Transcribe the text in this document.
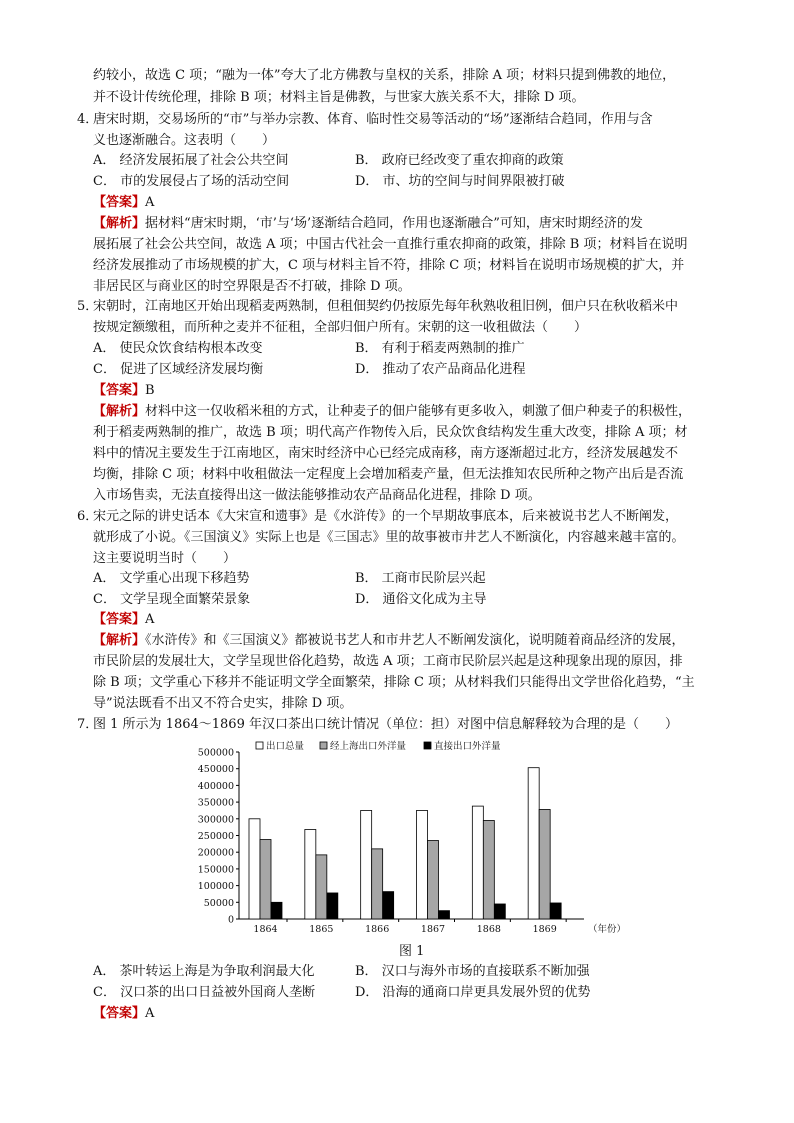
约较小，故选 C 项；“融为一体”夸大了北方佛教与皇权的关系，排除 A 项；材料只提到佛教的地位，
并不设计传统伦理，排除 B 项；材料主旨是佛教，与世家大族关系不大，排除 D 项。
4．
唐宋时期，交易场所的“市”与举办宗教、体育、临时性交易等活动的“场”逐渐结合趋同，作用与含
义也逐渐融合。这表明（　　）
A． 经济发展拓展了社会公共空间	B． 政府已经改变了重农抑商的政策
C． 市的发展侵占了场的活动空间	D． 市、坊的空间与时间界限被打破
【答案】A
【解析】据材料“唐宋时期，‘市’与‘场’逐渐结合趋同，作用也逐渐融合”可知，唐宋时期经济的发
展拓展了社会公共空间，故选 A 项；中国古代社会一直推行重农抑商的政策，排除 B 项；材料旨在说明
经济发展推动了市场规模的扩大，C 项与材料主旨不符，排除 C 项；材料旨在说明市场规模的扩大，并
非居民区与商业区的时空界限是否不打破，排除 D 项。
5．
宋朝时，江南地区开始出现稻麦两熟制，但租佃契约仍按原先每年秋熟收租旧例，佃户只在秋收稻米中
按规定额缴租，而所种之麦并不征租，全部归佃户所有。宋朝的这一收租做法（　　）
A． 使民众饮食结构根本改变	B． 有利于稻麦两熟制的推广
C． 促进了区域经济发展均衡	D． 推动了农产品商品化进程
【答案】B
【解析】材料中这一仅收稻米租的方式，让种麦子的佃户能够有更多收入，刺激了佃户种麦子的积极性，
利于稻麦两熟制的推广，故选 B 项；明代高产作物传入后，民众饮食结构发生重大改变，排除 A 项；材
料中的情况主要发生于江南地区，南宋时经济中心已经完成南移，南方逐渐超过北方，经济发展越发不
均衡，排除 C 项；材料中收租做法一定程度上会增加稻麦产量，但无法推知农民所种之物产出后是否流
入市场售卖，无法直接得出这一做法能够推动农产品商品化进程，排除 D 项。
6．
宋元之际的讲史话本《大宋宣和遗事》是《水浒传》的一个早期故事底本，后来被说书艺人不断阐发，
就形成了小说。《三国演义》实际上也是《三国志》里的故事被市井艺人不断演化，内容越来越丰富的。
这主要说明当时（　　）
A． 文学重心出现下移趋势	B． 工商市民阶层兴起
C． 文学呈现全面繁荣景象	D． 通俗文化成为主导
【答案】A
【解析】《水浒传》和《三国演义》都被说书艺人和市井艺人不断阐发演化，说明随着商品经济的发展，
市民阶层的发展壮大，文学呈现世俗化趋势，故选 A 项；工商市民阶层兴起是这种现象出现的原因，排
除 B 项；文学重心下移并不能证明文学全面繁荣，排除 C 项；从材料我们只能得出文学世俗化趋势，“主
导”说法既看不出又不符合史实，排除 D 项。
7．
图 1 所示为 1864～1869 年汉口茶出口统计情况（单位：担）对图中信息解释较为合理的是（　　）
0
50000
100000
150000
200000
250000
300000
350000
400000
450000
500000
1864	1865	1866	1867	1868	1869	（年份）
出口总量	经上海出口外洋量	直接出口外洋量
图 1
A． 茶叶转运上海是为争取利润最大化	B． 汉口与海外市场的直接联系不断加强
C． 汉口茶的出口日益被外国商人垄断	D． 沿海的通商口岸更具发展外贸的优势
【答案】A
